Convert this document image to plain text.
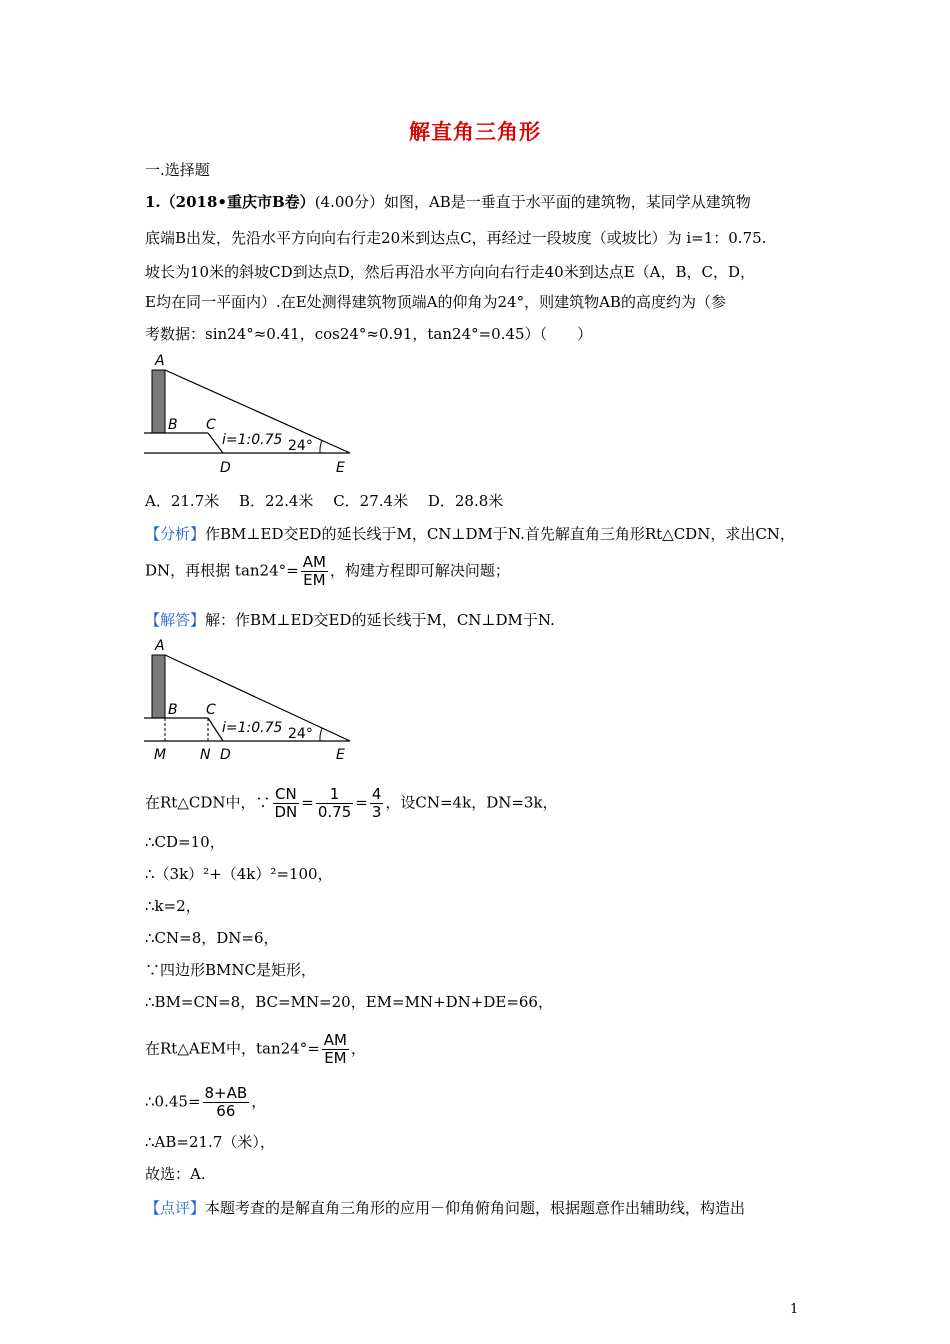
解直角三角形
一.选择题
1.（2018•重庆市B卷）(4.00分）如图，AB是一垂直于水平面的建筑物，某同学从建筑物
底端B出发，先沿水平方向向右行走20米到达点C，再经过一段坡度（或坡比）为 i=1：0.75.
坡长为10米的斜坡CD到达点D，然后再沿水平方向向右行走40米到达点E（A，B，C，D，
E均在同一平面内）.在E处测得建筑物顶端A的仰角为24°，则建筑物AB的高度约为（参
考数据：sin24°≈0.41，cos24°≈0.91，tan24°=0.45）（　　）
A
B C
D	E
i=1:0.75 24°
A．21.7米　 B．22.4米　 C．27.4米　 D．28.8米
【分析】作BM⊥ED交ED的延长线于M，CN⊥DM于N.首先解直角三角形Rt△CDN，求出CN，
DN，再根据 $\tan 24^\circ= \frac{AM}{EM}$ ，构建方程即可解决问题；
【解答】解：作BM⊥ED交ED的延长线于M，CN⊥DM于N.
A
B C
D	E
M N
i=1:0.75 24°
在Rt△CDN中，∵ $\frac{CN}{DN} = \frac{1}{0.75} = \frac{4}{3}$ ，设CN=4k，DN=3k，
∴CD=10，
∴（3k）²+（4k）²=100，
∴k=2，
∴CN=8，DN=6，
∵四边形BMNC是矩形，
∴BM=CN=8，BC=MN=20，EM=MN+DN+DE=66，
在Rt△AEM中，$\tan 24^\circ= \frac{AM}{EM}$ ，
∴0.45= $\frac{8+AB}{66}$ ，
∴AB=21.7（米），
故选：A.
【点评】本题考查的是解直角三角形的应用－仰角俯角问题，根据题意作出辅助线，构造出
1
